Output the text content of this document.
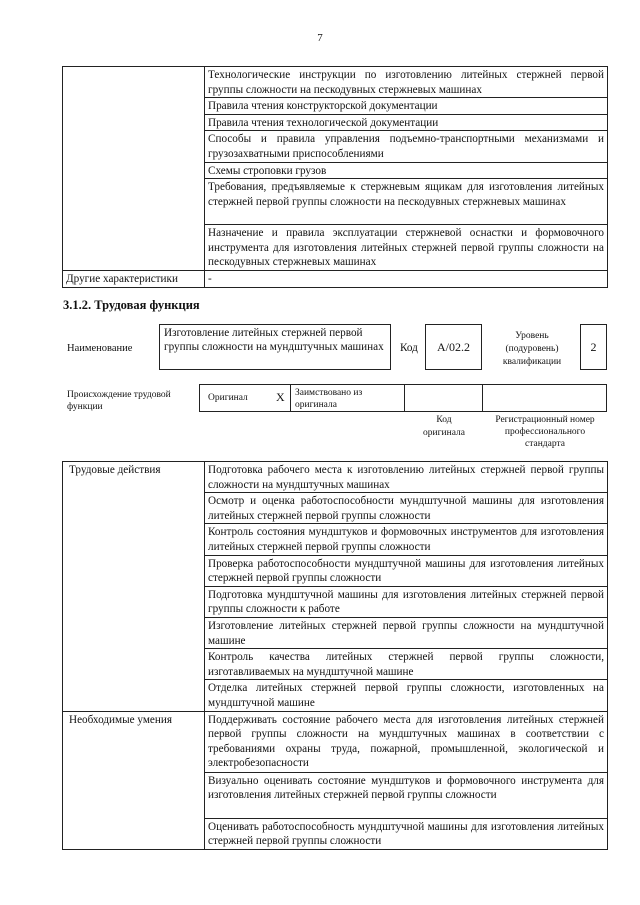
7

	Технологические инструкции по изготовлению литейных стержней первой группы сложности на пескодувных стержневых машинах

	Правила чтения конструкторской документации

	Правила чтения технологической документации

	Способы и правила управления подъемно-транспортными механизмами и грузозахватными приспособлениями

	Схемы строповки грузов

	Требования, предъявляемые к стержневым ящикам для изготовления литейных стержней первой группы сложности на пескодувных стержневых машинах

	Назначение и правила эксплуатации стержневой оснастки и формовочного инструмента для изготовления литейных стержней первой группы сложности на пескодувных стержневых машинах

Другие характеристики	-
3.1.2. Трудовая функция
Наименование
Изготовление литейных стержней первой группы сложности на мундштучных машинах	Код	А/02.2
Уровень (подуровень) квалификации
2
Происхождение трудовой функции
Оригинал X Заимствовано из оригинала
Код оригинала
Регистрационный номер профессионального стандарта
Трудовые действия	Подготовка рабочего места к изготовлению литейных стержней первой группы сложности на мундштучных машинах

	Осмотр и оценка работоспособности мундштучной машины для изготовления литейных стержней первой группы сложности

	Контроль состояния мундштуков и формовочных инструментов для изготовления литейных стержней первой группы сложности

	Проверка работоспособности мундштучной машины для изготовления литейных стержней первой группы сложности

	Подготовка мундштучной машины для изготовления литейных стержней первой группы сложности к работе

	Изготовление литейных стержней первой группы сложности на мундштучной машине

	Контроль качества литейных стержней первой группы сложности, изготавливаемых на мундштучной машине

	Отделка литейных стержней первой группы сложности, изготовленных на мундштучной машине

Необходимые умения	Поддерживать состояние рабочего места для изготовления литейных стержней первой группы сложности на мундштучных машинах в соответствии с требованиями охраны труда, пожарной, промышленной, экологической и электробезопасности

	Визуально оценивать состояние мундштуков и формовочного инструмента для изготовления литейных стержней первой группы сложности

	Оценивать работоспособность мундштучной машины для изготовления литейных стержней первой группы сложности
